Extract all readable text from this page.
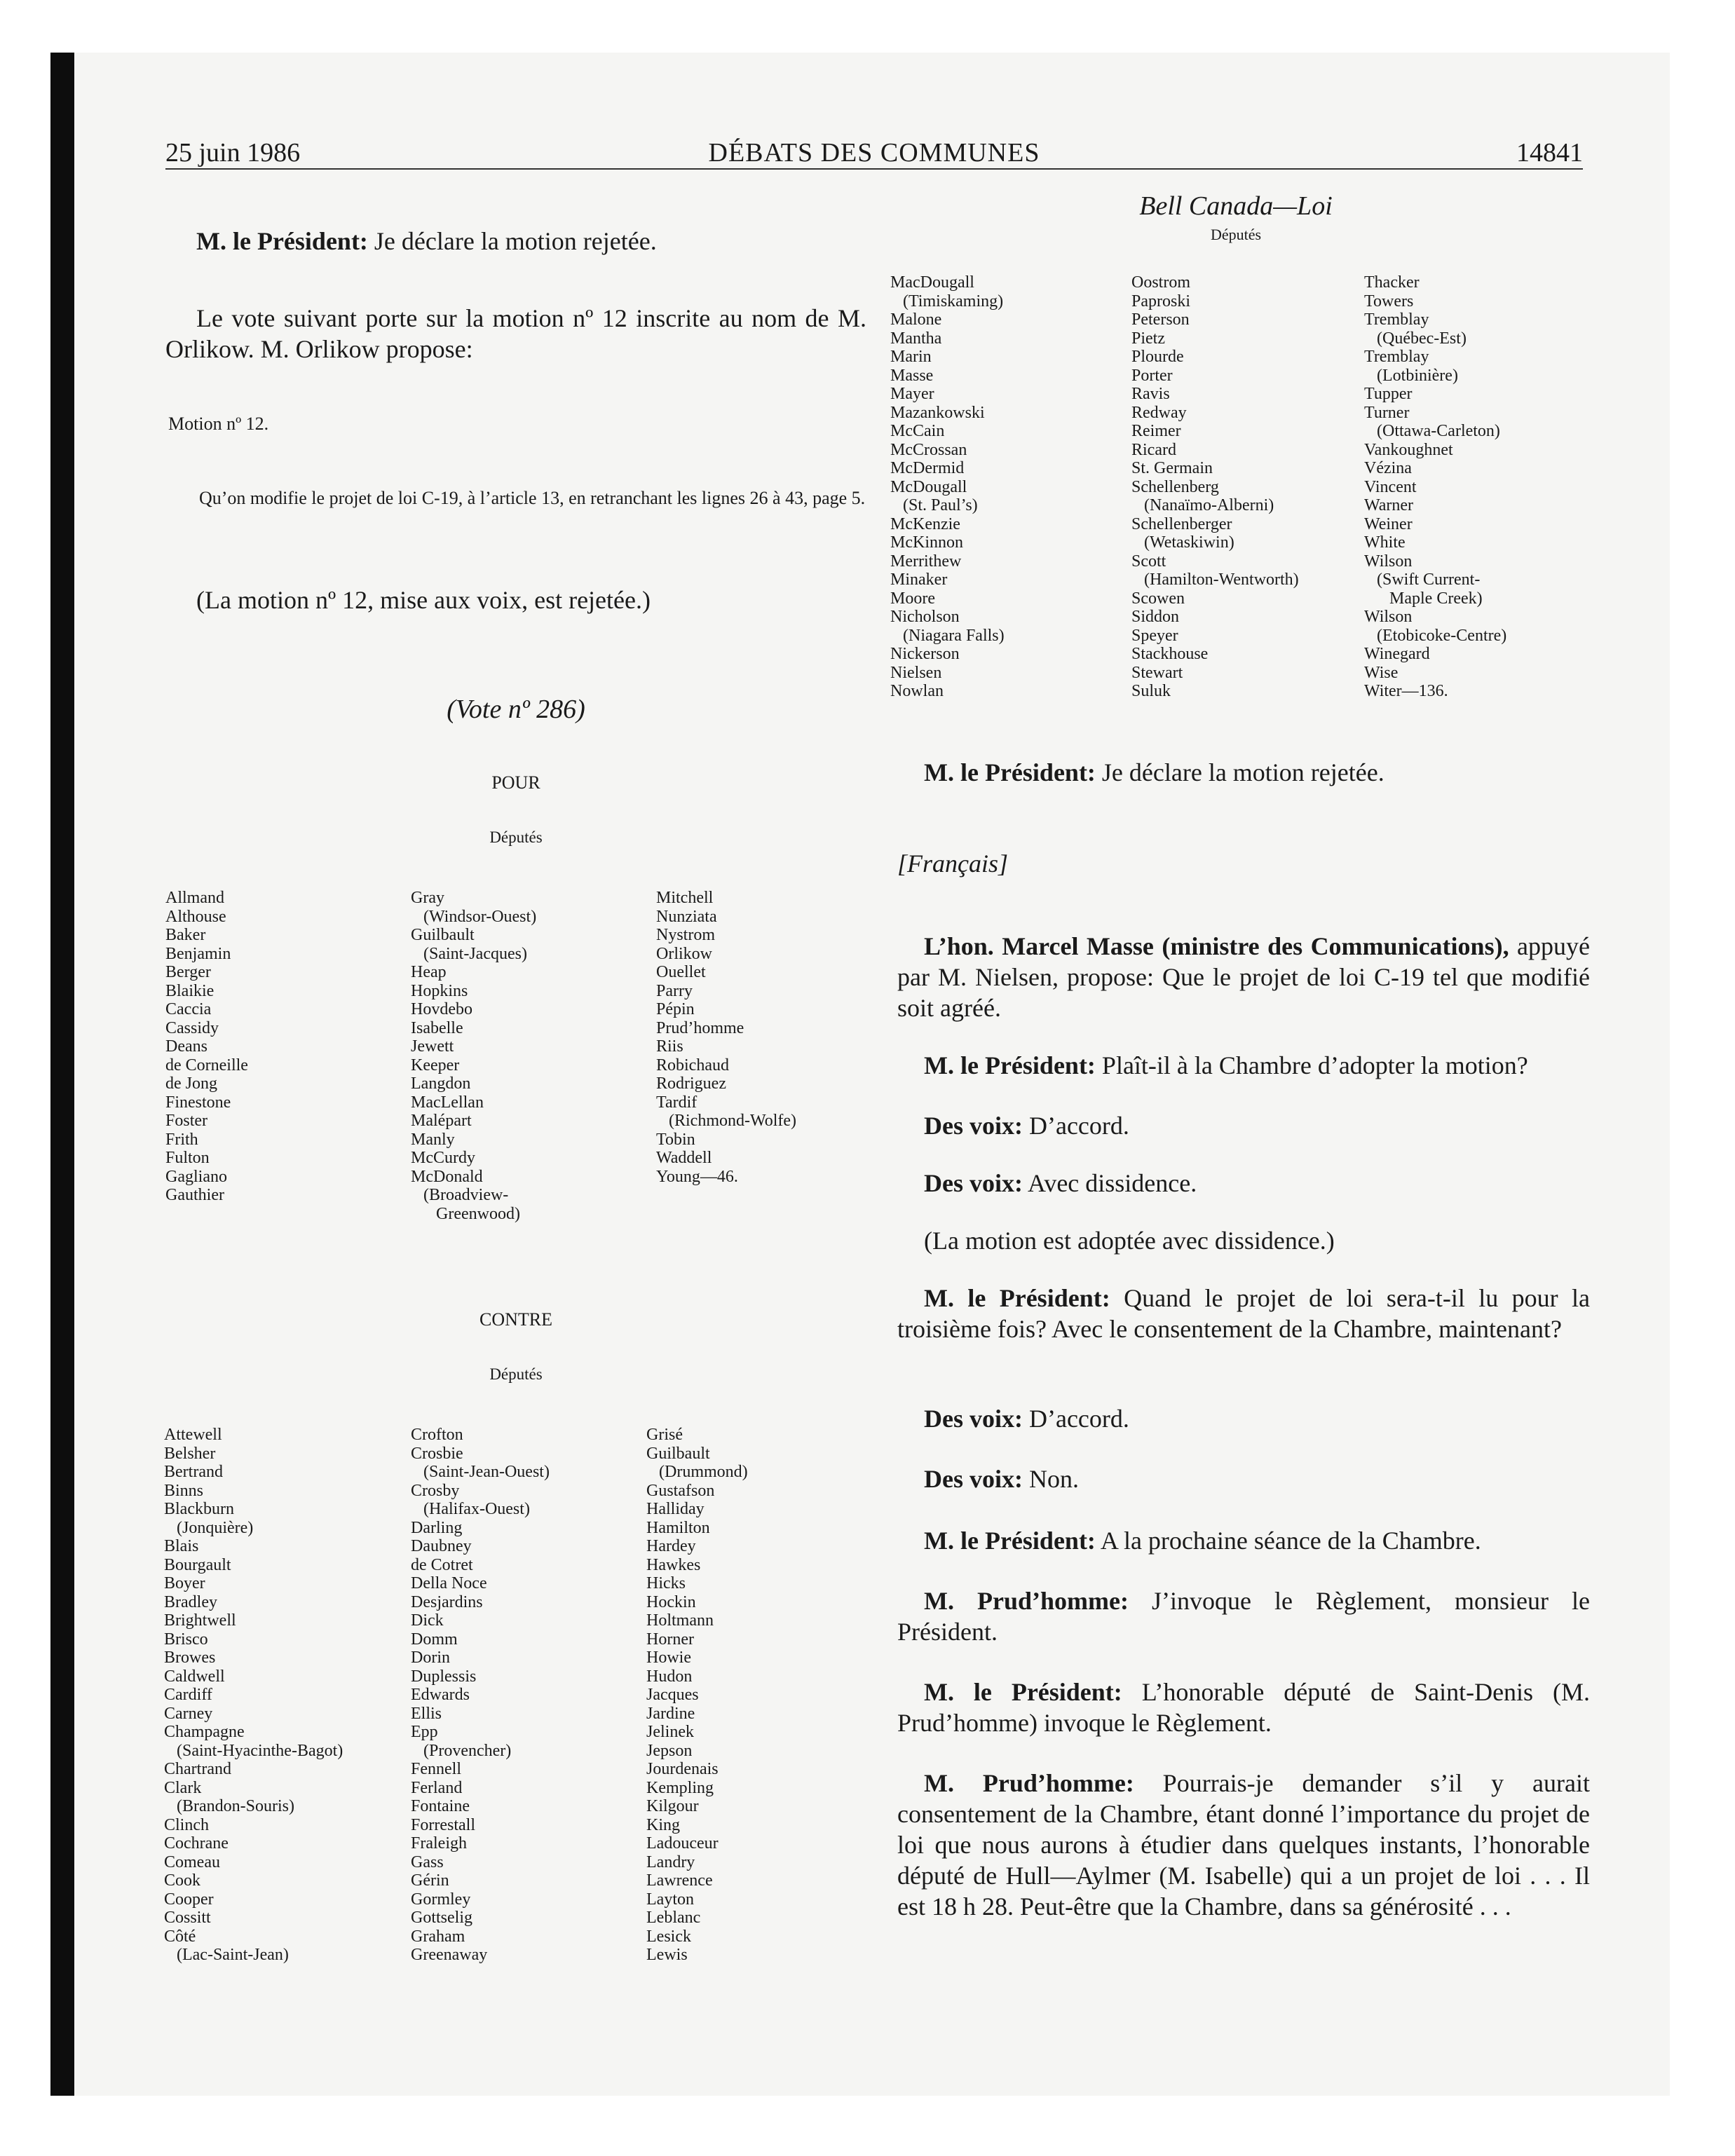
25 juin 1986	DÉBATS DES COMMUNES	14841
M. le Président: Je déclare la motion rejetée.
Le vote suivant porte sur la motion nº 12 inscrite au nom de M. Orlikow. M. Orlikow propose:
Motion nº 12.
Qu’on modifie le projet de loi C-19, à l’article 13, en retranchant les lignes 26 à 43, page 5.
(La motion nº 12, mise aux voix, est rejetée.)
(Vote nº 286)
POUR
Députés
Allmand
Althouse
Baker
Benjamin
Berger
Blaikie
Caccia
Cassidy
Deans
de Corneille
de Jong
Finestone
Foster
Frith
Fulton
Gagliano
Gauthier
Gray
(Windsor-Ouest)
Guilbault
(Saint-Jacques)
Heap
Hopkins
Hovdebo
Isabelle
Jewett
Keeper
Langdon
MacLellan
Malépart
Manly
McCurdy
McDonald
(Broadview-
Greenwood)
Mitchell
Nunziata
Nystrom
Orlikow
Ouellet
Parry
Pépin
Prud’homme
Riis
Robichaud
Rodriguez
Tardif
(Richmond-Wolfe)
Tobin
Waddell
Young—46.
CONTRE
Députés
Attewell
Belsher
Bertrand
Binns
Blackburn
(Jonquière)
Blais
Bourgault
Boyer
Bradley
Brightwell
Brisco
Browes
Caldwell
Cardiff
Carney
Champagne
(Saint-Hyacinthe-Bagot)
Chartrand
Clark
(Brandon-Souris)
Clinch
Cochrane
Comeau
Cook
Cooper
Cossitt
Côté
(Lac-Saint-Jean)
Crofton
Crosbie
(Saint-Jean-Ouest)
Crosby
(Halifax-Ouest)
Darling
Daubney
de Cotret
Della Noce
Desjardins
Dick
Domm
Dorin
Duplessis
Edwards
Ellis
Epp
(Provencher)
Fennell
Ferland
Fontaine
Forrestall
Fraleigh
Gass
Gérin
Gormley
Gottselig
Graham
Greenaway
Grisé
Guilbault
(Drummond)
Gustafson
Halliday
Hamilton
Hardey
Hawkes
Hicks
Hockin
Holtmann
Horner
Howie
Hudon
Jacques
Jardine
Jelinek
Jepson
Jourdenais
Kempling
Kilgour
King
Ladouceur
Landry
Lawrence
Layton
Leblanc
Lesick
Lewis
Bell Canada—Loi
Députés
MacDougall
(Timiskaming)
Malone
Mantha
Marin
Masse
Mayer
Mazankowski
McCain
McCrossan
McDermid
McDougall
(St. Paul’s)
McKenzie
McKinnon
Merrithew
Minaker
Moore
Nicholson
(Niagara Falls)
Nickerson
Nielsen
Nowlan
Oostrom
Paproski
Peterson
Pietz
Plourde
Porter
Ravis
Redway
Reimer
Ricard
St. Germain
Schellenberg
(Nanaïmo-Alberni)
Schellenberger
(Wetaskiwin)
Scott
(Hamilton-Wentworth)
Scowen
Siddon
Speyer
Stackhouse
Stewart
Suluk
Thacker
Towers
Tremblay
(Québec-Est)
Tremblay
(Lotbinière)
Tupper
Turner
(Ottawa-Carleton)
Vankoughnet
Vézina
Vincent
Warner
Weiner
White
Wilson
(Swift Current-
Maple Creek)
Wilson
(Etobicoke-Centre)
Winegard
Wise
Witer—136.
M. le Président: Je déclare la motion rejetée.
[Français]
L’hon. Marcel Masse (ministre des Communications), appuyé par M. Nielsen, propose: Que le projet de loi C-19 tel que modifié soit agréé.
M. le Président: Plaît-il à la Chambre d’adopter la motion?
Des voix: D’accord.
Des voix: Avec dissidence.
(La motion est adoptée avec dissidence.)
M. le Président: Quand le projet de loi sera-t-il lu pour la troisième fois? Avec le consentement de la Chambre, maintenant?
Des voix: D’accord.
Des voix: Non.
M. le Président: A la prochaine séance de la Chambre.
M. Prud’homme: J’invoque le Règlement, monsieur le Président.
M. le Président: L’honorable député de Saint-Denis (M. Prud’homme) invoque le Règlement.
M. Prud’homme: Pourrais-je demander s’il y aurait consentement de la Chambre, étant donné l’importance du projet de loi que nous aurons à étudier dans quelques instants, l’honorable député de Hull—Aylmer (M. Isabelle) qui a un projet de loi . . . Il est 18 h 28. Peut-être que la Chambre, dans sa générosité . . .
